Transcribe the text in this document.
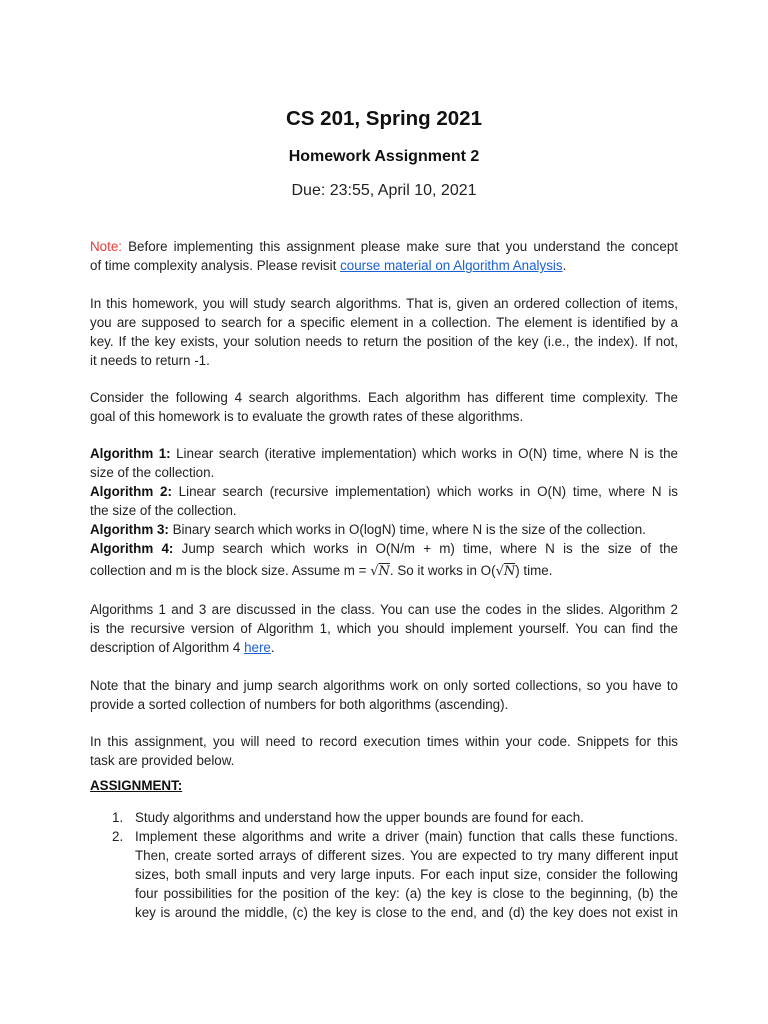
CS 201, Spring 2021
Homework Assignment 2
Due: 23:55, April 10, 2021
Note: Before implementing this assignment please make sure that you understand the concept
of time complexity analysis. Please revisit course material on Algorithm Analysis.
In this homework, you will study search algorithms. That is, given an ordered collection of items,
you are supposed to search for a specific element in a collection. The element is identified by a
key. If the key exists, your solution needs to return the position of the key (i.e., the index). If not,
it needs to return -1.
Consider the following 4 search algorithms. Each algorithm has different time complexity. The
goal of this homework is to evaluate the growth rates of these algorithms.
Algorithm 1: Linear search (iterative implementation) which works in O(N) time, where N is the
size of the collection.
Algorithm 2: Linear search (recursive implementation) which works in O(N) time, where N is
the size of the collection.
Algorithm 3: Binary search which works in O(logN) time, where N is the size of the collection.
Algorithm 4: Jump search which works in O(N/m + m) time, where N is the size of the
collection and m is the block size. Assume m = √N. So it works in O(√N) time.
Algorithms 1 and 3 are discussed in the class. You can use the codes in the slides. Algorithm 2
is the recursive version of Algorithm 1, which you should implement yourself. You can find the
description of Algorithm 4 here.
Note that the binary and jump search algorithms work on only sorted collections, so you have to
provide a sorted collection of numbers for both algorithms (ascending).
In this assignment, you will need to record execution times within your code. Snippets for this
task are provided below.
ASSIGNMENT:
1. Study algorithms and understand how the upper bounds are found for each.
2. Implement these algorithms and write a driver (main) function that calls these functions.
Then, create sorted arrays of different sizes. You are expected to try many different input
sizes, both small inputs and very large inputs. For each input size, consider the following
four possibilities for the position of the key: (a) the key is close to the beginning, (b) the
key is around the middle, (c) the key is close to the end, and (d) the key does not exist in
